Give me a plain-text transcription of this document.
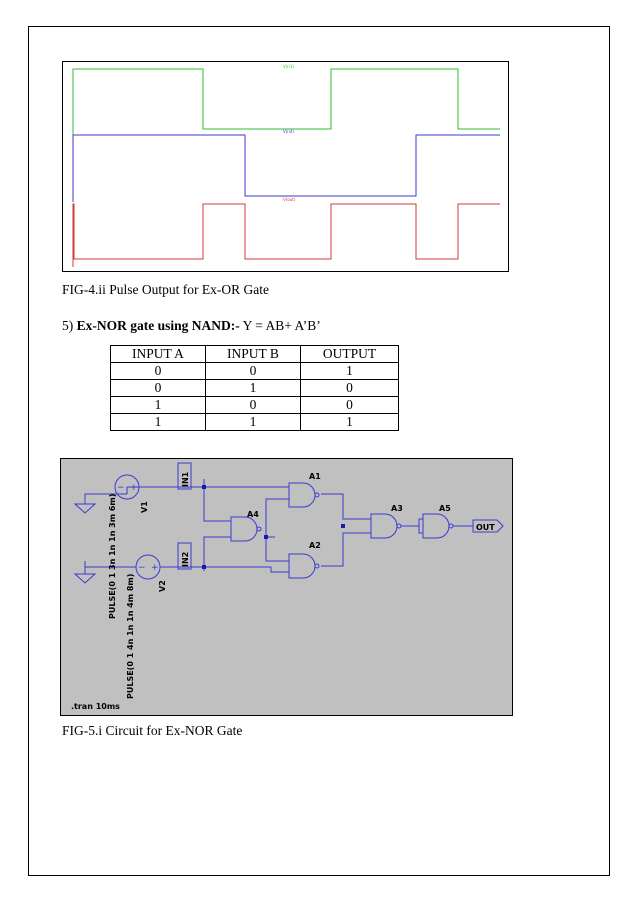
V(n1)
V(n4)
V(out)
FIG-4.ii Pulse Output for Ex-OR Gate
5) Ex-NOR gate using NAND:- Y = AB+ A’B’
INPUT A	INPUT B	OUTPUT
0	0	1
0	1	0
1	0	0
1	1	1
− +
− +
OUT
IN1
IN2
V1
V2
PULSE(0 1 3n 1n 1n 3m 6m)
PULSE(0 1 4n 1n 1n 4m 8m)
A1
A2
A3
A4
A5
.tran 10ms
FIG-5.i Circuit for Ex-NOR Gate
